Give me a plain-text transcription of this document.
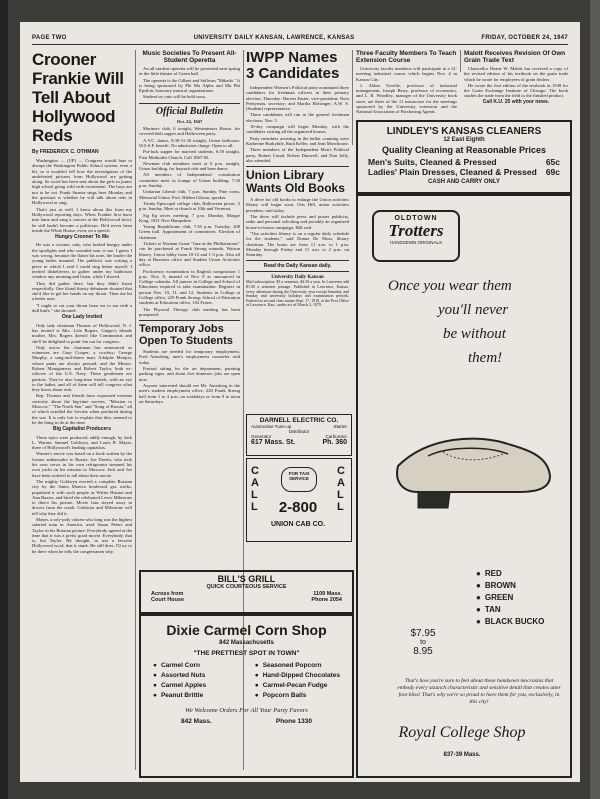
PAGE TWO	UNIVERSITY DAILY KANSAN, LAWRENCE, KANSAS	FRIDAY, OCTOBER 24, 1947
Crooner Frankie Will Tell About Hollywood Reds
By FREDERICK C. OTHMAN

Washington — (UP) — Congress would hate to disrupt the Washington Public School system, even a bit, so it wouldn't tell how the investigators of the undefeated pictures from Hollywood are getting along. So word has been sent about the girls in junior high school going wild with excitement. The boys are not to be cut. Frank Sinatra sings here Monday and the question is whether he will talk about reds in Hollywood or sing.

That's just as well. I know about this from my Hollywood reporting days. When Frankie first burst into fame and sang a concert at the Hollywood bowl, he still hadn't become a politician. He'd never been inside the White House, even, on a speech.

Hungry Crooner To Me

He was a crooner, only, who looked hungry under the spotlights and who sounded sour to me. I guess I was wrong, because the flatter his note, the louder the young ladies moaned. The publicist was writing a piece in which I said I could sing better myself. I invited disbelievers to gather under my bathroom window any morning and listen, while I shaved.

They did gather there, but they didn't listen respectfully. One blond thirsty debutante shouted that she'd like to get her hands on my throat. Then she hit a better note.

"I ought to cut your throat from ear to ear with a dull knife," she shouted.

One Lady Invited

Only lady chairman Thomas of Hollywood, N. J. has invited is Mrs. Lela Rogers, Ginger's blonde mother. Mrs. Rogers doesn't like Communists and she'll be delighted to point 'em out for congress.

Only actors the chairman has announced as witnesses are Gary Cooper, a cowboy; George Murphy, a song-and-dance man; Adolphe Menjou, whose pants are always pressed, and the Messrs. Robert Montgomery and Robert Taylor, both ex-officers of the U.S. Navy. These gentlemen are patriots. They've also long-time friends, with an eye to the ladies, and all of them will tell congress what they know about reds.

Rep. Thomas and friends have expressed extreme curiosity about the big-time movies, "Mission to Moscow," "The North Star" and "Song of Russia," all of which extolled the Soviets when produced during the war. It is only fair to explain that they seemed to be the thing to do at the time.

Big Capitalist Producers

These epics were produced, oddly enough, by Jack L. Warner, Samuel Goldwyn, and Louis B. Mayer, three of Hollywood's leading capitalists.

Warner's movie was based on a book written by the former ambassador to Russia, Joe Davies, who took his own crews in his own refrigerator steamed his own yacht on his mission to Moscow. Jack and Joe have been ordered to tell about their movie.

The mighty Goldwyn erected a complete Russian city by the Santa Monica boulevard gas works, populated it with such people as Walter Huston and Ann Baxter, and hired the celebrated Lewis Milestone to direct his picture. Movie fans stayed away in droves from the result. Goldwyn and Milestone will tell why they did it.

Mayer, a roly-poly citizen who long was the highest salaried man in America, used Susan Peters and Taylor in his Russian picture. Everybody agreed at the time that it was a pretty good movie. Everybody, that is, but Taylor. He thought, to use a favorite Hollywood word, that it stunk. He still does. I'll try to be there when he tells the congressmen why.

Music Societies To Present All-Student Operetta

An all-student operetta will be presented next spring in the little theater of Green hall.

The operetta is the Gilbert and Sullivan "Mikado." It is being sponsored by Phi Mu Alpha and Mu Phi Epsilon, honorary musical organizations.

Student try outs will be held soon.

Official Bulletin
Oct. 24, 1947

Mariners club, 6 tonight, Westminster House, for covered-dish supper and Halloween party.

A.V.C. dance, 8:30-11:30 tonight, Union ballroom. W.S.S.F. benefit. No admission charge. Open to all.

Pot-luck supper for married students, 6:30 tonight, First Methodist Church. Call 1867-M.

Newman club members meet at 6 p.m. tonight, Union building, for hayrack ride and barn dance.

All members of Independents' constitution committee meet in lounge of Union building, 7:30 p.m. Sunday.

Unitarian Liberal club, 7 p.m. Sunday, Pine room, Memorial Union. Prof. Hilden Gibson, speaker.

Trinity Episcopal college club, Halloween picnic, 5 p.m. Sunday. Meet at church at 10th and Vermont.

Sig Ep wives meeting, 7 p.m. Monday, Margie Krug, 1921 New Hampshire.

Young Republicans club, 7:30 p.m. Tuesday, 208 Green hall. Appointment of committees. Election of chairman.

Tickets to Norman Granz "Jazz at the Philharmonic" can be purchased at Frank Strong rotunda, Watson library, Union lobby from 10-12 and 1-3 p.m. Also all day at Business office and Student Union Activities office.

Proficiency examination in English composition 1 p.m., Nov. 8, instead of Nov. 8 as announced in College calendar. All juniors in College and School of Education required to take examination. Register in person Nov. 10, 11, and 12. Students in College at College office, 229 Frank Strong; School of Education students at Education office, 102 Fraser.

The Physical Therapy club meeting has been postponed.

Temporary Jobs Open To Students

Students are needed for temporary employment, Fred Amssberg, men's employment counselor said today.

Portrait sitting for the art department, painting parking signs, and about five domestic jobs are open now.

Anyone interested should see Mr. Amssberg in the men's student employment office, 220 Frank Strong hall from 1 to 4 p.m. on weekdays or from 9 to noon on Saturdays.

IWPP Names 3 Candidates

Independent Women's Political party nominated three candidates for freshman officers in their primary election, Thursday: Harriet Easter, vice-president; Nora Prettyman, secretary; and Martha Holsinger, A.W. S. (Student) representative.

These candidates will run in the general freshman elections, Nov. 5.

10-day campaign will begin Monday, with the candidates visiting all the organized houses.

Party members assisting in the ballot counting were Katherine Burkyhile, Ruth Keller, and Jean Moorhouse.

Three members of the Independent Men's Political party, Robert Casad, Robert Dunwell, and Don Jolly, also attended.

Union Library Wants Old Books

A drive for old books to enlarge the Union activities library will begin soon, Otis Hill, union activities president, said today.

The drive will include press and poster publicity, radio and personal soliciting and possibly an organized house-to-house campaign, Hill said.

"Our activities library is on a regular daily schedule for the students," said Donna De Moss, library chairman. The hours are from 11 a.m. to 1 p.m. Monday through Friday and 11 a.m. to 2 p.m. on Saturday.

Read the Daily Kansan daily.
University Daily Kansan
Mail subscription: $3 a semester, $4.50 a year. In Lawrence add $1.00 a semester postage. Published in Lawrence, Kansas, every afternoon during the University year except Saturday and Sunday and university holidays and examination periods. Entered as second class matter Sept. 17, 1910, at the Post Office at Lawrence, Kan., under act of March 3, 1879.
Three Faculty Members To Teach Extension Course

University faculty members will participate in a 12-meeting industrial course which begins Nov. 4 in Kansas City.

J. Alden Treville, professor of industrial management, Joseph Berry, professor of economics, and L. R. Woodley, manager of the University book store, are three of the 11 instructors for the meetings sponsored by the University extension and the National Association of Purchasing Agents.

Malott Receives Revision Of Own Grain Trade Text

Chancellor Deane W. Malott has received a copy of the revised edition of his textbook on the grain trade which he wrote for employees of grain dealers.

He wrote the first edition of the textbook in 1938 for the Grain Exchange Institute of Chicago. The book studies the trade from the field to the finished product.

Call K.U. 25 with your news.
LINDLEY'S KANSAS CLEANERS
12 East Eighth
Quality Cleaning at Reasonable Prices
Men's Suits, Cleaned & Pressed	65c
Ladies' Plain Dresses, Cleaned & Pressed 69c
CASH AND CARRY ONLY
OLDTOWN
Trotters
HANDSEWN ORIGINALS
Once you wear them
you'll never
be without
them!
● RED
● BROWN
● GREEN
● TAN
● BLACK BUCKO
$7.95
to
8.95
That's how you're sure to feel about these handsewn moccasins that embody every staunch characteristic and sensitive detail that creates utter foot bliss! That's why we're so proud to have them for you, exclusively, in this city!
Royal College Shop
837-39 Mass.
DARNELL ELECTRIC CO.
Automotive Tune-up	Starter
Distributor
Generator	Carburetor
617 Mass. St.	Ph. 360
CALL
CALL
FOR TAXI SERVICE
2-800
UNION CAB CO.
BILL'S GRILL
QUICK COURTEOUS SERVICE
Across from
Court House
1109 Mass.
Phone 2054
Dixie Carmel Corn Shop
842 Massachusetts
"THE PRETTIEST SPOT IN TOWN"
● Carmel Corn
● Assorted Nuts
● Carmel Apples
● Peanut Brittle
● Seasoned Popcorn
● Hand-Dipped Chocolates
● Carmel-Pecan Fudge
● Popcorn Balls
We Welcome Orders For All Your Party Favors
842 Mass.	Phone 1330
